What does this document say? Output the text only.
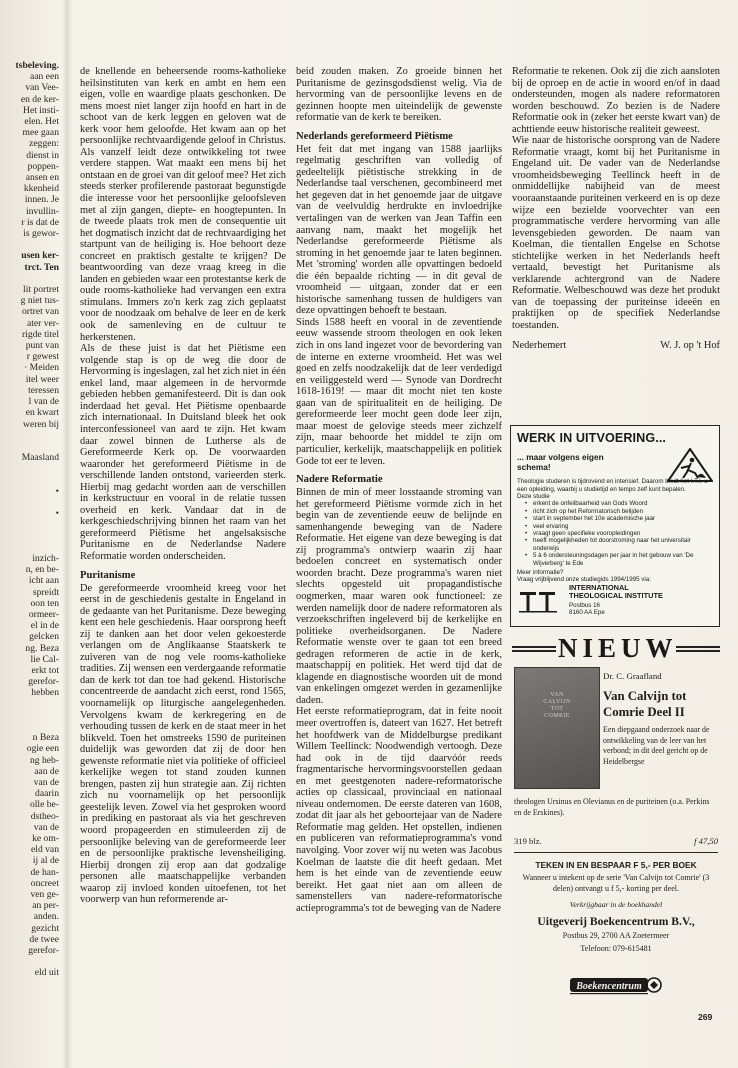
tsbeleving.
aan een
van Vee-
en de ker-
Het insti-
elen. Het
mee gaan
zeggen:
dienst in
poppen-
ansen en
kkenheid
innen. Je
invullin-
r is dat de
is gewor-

usen ker-
trct. Ten

lit portret
g niet tus-
ortret van
ater ver-
rigde titel
punt van
r gewest
· Meiden
itel weer
teressen
l van de
en kwart
weren bij

Maasland

•

•

inzich-
n, en be-
icht aan
spreidt
oon ten
ormeer-
el in de
gelcken
ng. Beza
lie Cal-
erkt tot
gerefor-
hebben

n Beza
ogie een
ng heb-
aan de
van de
daarin
olle be-
dstheo-
van de
ke om-
eld van
ij al de
de han-
oncreet
ven ge-
an per-
anden.
gezicht
de twee
gerefor-

eld uit

de knellende en beheersende rooms-katholieke heilsinstituten van kerk en ambt en hem een eigen, volle en waardige plaats geschonken. De mens moest niet langer zijn hoofd en hart in de schoot van de kerk leggen en geloven wat de kerk voor hem geloofde. Het kwam aan op het persoonlijke rechtvaardigende geloof in Christus. Als vanzelf leidt deze ontwikkeling tot twee verdere stappen. Wat maakt een mens bij het ontstaan en de groei van dit geloof mee? Het zich steeds sterker profilerende pastoraat begunstigde die interesse voor het persoonlijke geloofsleven met al zijn gangen, diepte- en hoogtepunten. In de tweede plaats trok men de consequentie uit het dogmatisch inzicht dat de rechtvaardiging het startpunt van de heiliging is. Hoe behoort deze concreet en praktisch gestalte te krijgen? De beantwoording van deze vraag kreeg in die landen en gebieden waar een protestantse kerk de oude rooms-katholieke had vervangen een extra stimulans. Immers zo'n kerk zag zich geplaatst voor de noodzaak om behalve de leer en de kerk ook de samenleving en de cultuur te herkerstenen.

Als de these juist is dat het Piëtisme een volgende stap is op de weg die door de Hervorming is ingeslagen, zal het zich niet in één enkel land, maar algemeen in de hervormde gebieden hebben gemanifesteerd. Dit is dan ook inderdaad het geval. Het Piëtisme openbaarde zich internationaal. In Duitsland bleek het ook interconfessioneel van aard te zijn. Het kwam daar zowel binnen de Lutherse als de Gereformeerde Kerk op. De voorwaarden waaronder het gereformeerd Piëtisme in de verschillende landen ontstond, varieerden sterk. Hierbij mag gedacht worden aan de verschillen in kerkstructuur en vooral in de relatie tussen overheid en kerk. Vandaar dat in de kerkgeschiedschrijving binnen het raam van het gereformeerd Piëtisme het angelsaksische Puritanisme en de Nederlandse Nadere Reformatie worden onderscheiden.

Puritanisme

De gereformeerde vroomheid kreeg voor het eerst in de geschiedenis gestalte in Engeland in de gedaante van het Puritanisme. Deze beweging kent een hele geschiedenis. Haar oorsprong heeft zij te danken aan het door velen gekoesterde verlangen om de Anglikaanse Staatskerk te zuiveren van de nog vele rooms-katholieke tradities. Zij wensen een verdergaande reformatie dan de kerk tot dan toe had gekend. Historische concentreerde de aandacht zich eerst, rond 1565, voornamelijk op liturgische aangelegenheden. Vervolgens kwam de kerkregering en de verhouding tussen de kerk en de staat meer in het blikveld. Toen het omstreeks 1590 de puriteinen duidelijk was geworden dat zij de door hen gewenste reformatie niet via politieke of officieel kerkelijke wegen tot stand zouden kunnen brengen, pasten zij hun strategie aan. Zij richten zich nu voornamelijk op het persoonlijk geestelijk leven. Zowel via het gesproken woord in prediking en pastoraat als via het geschreven woord propageerden en stimuleerden zij de persoonlijke beleving van de gereformeerde leer en de persoonlijke praktische levensheiliging. Hierbij drongen zij erop aan dat godzalige personen alle maatschappelijke verbanden waarop zij invloed konden uitoefenen, tot het voorwerp van hun reformerende ar-

beid zouden maken. Zo groeide binnen het Puritanisme de gezinsgodsdienst welig. Via de hervorming van de persoonlijke levens en de gezinnen hoopte men uiteindelijk de gewenste reformatie van de kerk te bereiken.

Nederlands gereformeerd Piëtisme

Het feit dat met ingang van 1588 jaarlijks regelmatig geschriften van volledig of gedeeltelijk piëtistische strekking in de Nederlandse taal verschenen, gecombineerd met het gegeven dat in het genoemde jaar de uitgave van de veelvuldig herdrukte en invloedrijke vertalingen van de werken van Jean Taffin een aanvang nam, maakt het mogelijk het Nederlandse gereformeerde Piëtisme als stroming in het genoemde jaar te laten beginnen. Met 'stroming' worden alle opvattingen bedoeld die één bepaalde richting — in dit geval de vroomheid — uitgaan, zonder dat er een historische samenhang tussen de huldigers van deze opvattingen behoeft te bestaan.

Sinds 1588 heeft en vooral in de zeventiende eeuw wassende stroom theologen en ook leken zich in ons land ingezet voor de bevordering van de interne en externe vroomheid. Het was wel goed en zelfs noodzakelijk dat de leer verdedigd en veiliggesteld werd — Synode van Dordrecht 1618-1619! — maar dit mocht niet ten koste gaan van de spiritualiteit en de heiliging. De gereformeerde leer mocht geen dode leer zijn, maar moest de gelovige steeds meer zichzelf zijn, maar behoorde het middel te zijn om particulier, kerkelijk, maatschappelijk en politiek Gode tot eer te leven.

Nadere Reformatie

Binnen de min of meer losstaande stroming van het gereformeerd Piëtisme vormde zich in het begin van de zeventiende eeuw de belijnde en samenhangende beweging van de Nadere Reformatie. Het eigene van deze beweging is dat zij programma's ontwierp waarin zij haar bedoelen concreet en systematisch onder woorden bracht. Deze programma's waren niet slechts opgesteld uit propagandistische oogmerken, maar waren ook functioneel: ze werden namelijk door de nadere reformatoren als verzoekschriften ingeleverd bij de kerkelijke en politieke overheidsorganen. De Nadere Reformatie wenste over te gaan tot een breed gedragen reformeren de actie in de kerk, maatschappij en politiek. Het werd tijd dat de klagende en diagnostische woorden uit de mond van enkelingen omgezet werden in gezamenlijke daden.

Het eerste reformatieprogram, dat in feite nooit meer overtroffen is, dateert van 1627. Het betreft het hoofdwerk van de Middelburgse predikant Willem Teellinck: Noodwendigh vertoogh. Deze had ook in de tijd daarvóór reeds fragmentarische hervormingsvoorstellen gedaan en met geestgenoten nadere-reformatorische acties op classicaal, provinciaal en nationaal niveau ondernomen. De eerste dateren van 1608, zodat dit jaar als het geboortejaar van de Nadere Reformatie mag gelden. Het opstellen, indienen en publiceren van reformatieprogramma's vond navolging. Voor zover wij nu weten was Jacobus Koelman de laatste die dit heeft gedaan. Met hem is het einde van de zeventiende eeuw bereikt. Het gaat niet aan om alleen de samenstellers van nadere-reformatorische actieprogramma's tot de beweging van de Nadere

Reformatie te rekenen. Ook zij die zich aansloten bij de oproep en de actie in woord en/of in daad ondersteunden, mogen als nadere reformatoren worden beschouwd. Zo bezien is de Nadere Reformatie ook in (zeker het eerste kwart van) de achttiende eeuw historische realiteit geweest.

Wie naar de historische oorsprong van de Nadere Reformatie vraagt, komt bij het Puritanisme in Engeland uit. De vader van de Nederlandse vroomheidsbeweging Teellinck heeft in de onmiddellijke nabijheid van de meest vooraanstaande puriteinen verkeerd en is op deze wijze een bezielde voorvechter van een programmatische verdere hervorming van alle levensgebieden geworden. De naam van Koelman, die tientallen Engelse en Schotse stichtelijke werken in het Nederlands heeft vertaald, bevestigt het Puritanisme als verklarende achtergrond van de Nadere Reformatie. Welbeschouwd was deze het produkt van de toepassing der puriteinse ideeën en praktijken op de specifiek Nederlandse toestanden.

Nederhemert	W. J. op 't Hof
WERK IN UITVOERING...
... maar volgens eigen schema!
Theologie studeren is tijdrovend en intensief. Daarom biedt het I.T.I. u een opleiding, waarbij u studietijd en tempo zelf kunt bepalen.
Deze studie
• erkent de onfeilbaarheid van Gods Woord
• richt zich op het Reformatorisch belijden
• start in september het 10e academische jaar
• veel ervaring
• vraagt geen specifieke vooropleidingen
• heeft mogelijkheden tot doorstroming naar het universitair onderwijs
• 5 à 6 ondersteuningsdagen per jaar in het gebouw van 'De Wijverberg' te Ede
Meer informatie?
Vraag vrijblijvend onze studiegids 1994/1995 via:
INTERNATIONAL
THEOLOGICAL INSTITUTE
Postbus 16
8160 AA Epe
NIEUW
VAN
CALVIJN
TOT
COMRIE
Dr. C. Graafland
Van Calvijn tot Comrie Deel II
Een diepgaand onderzoek naar de ontwikkeling van de leer van het verbond; in dit deel gericht op de Heidelbergse
theologen Ursinus en Olevianus en de puriteinen (o.a. Perkins en de Erskines).
319 blz.	f 47,50
TEKEN IN EN BESPAAR F 5,- PER BOEK
Wanneer u intekent op de serie 'Van Calvijn tot Comrie' (3 delen) ontvangt u f 5,- korting per deel.
Verkrijgbaar in de boekhandel
Uitgeverij Boekencentrum B.V.,
Postbus 29, 2700 AA Zoetermeer
Telefoon: 079-615481
Boekencentrum
269
